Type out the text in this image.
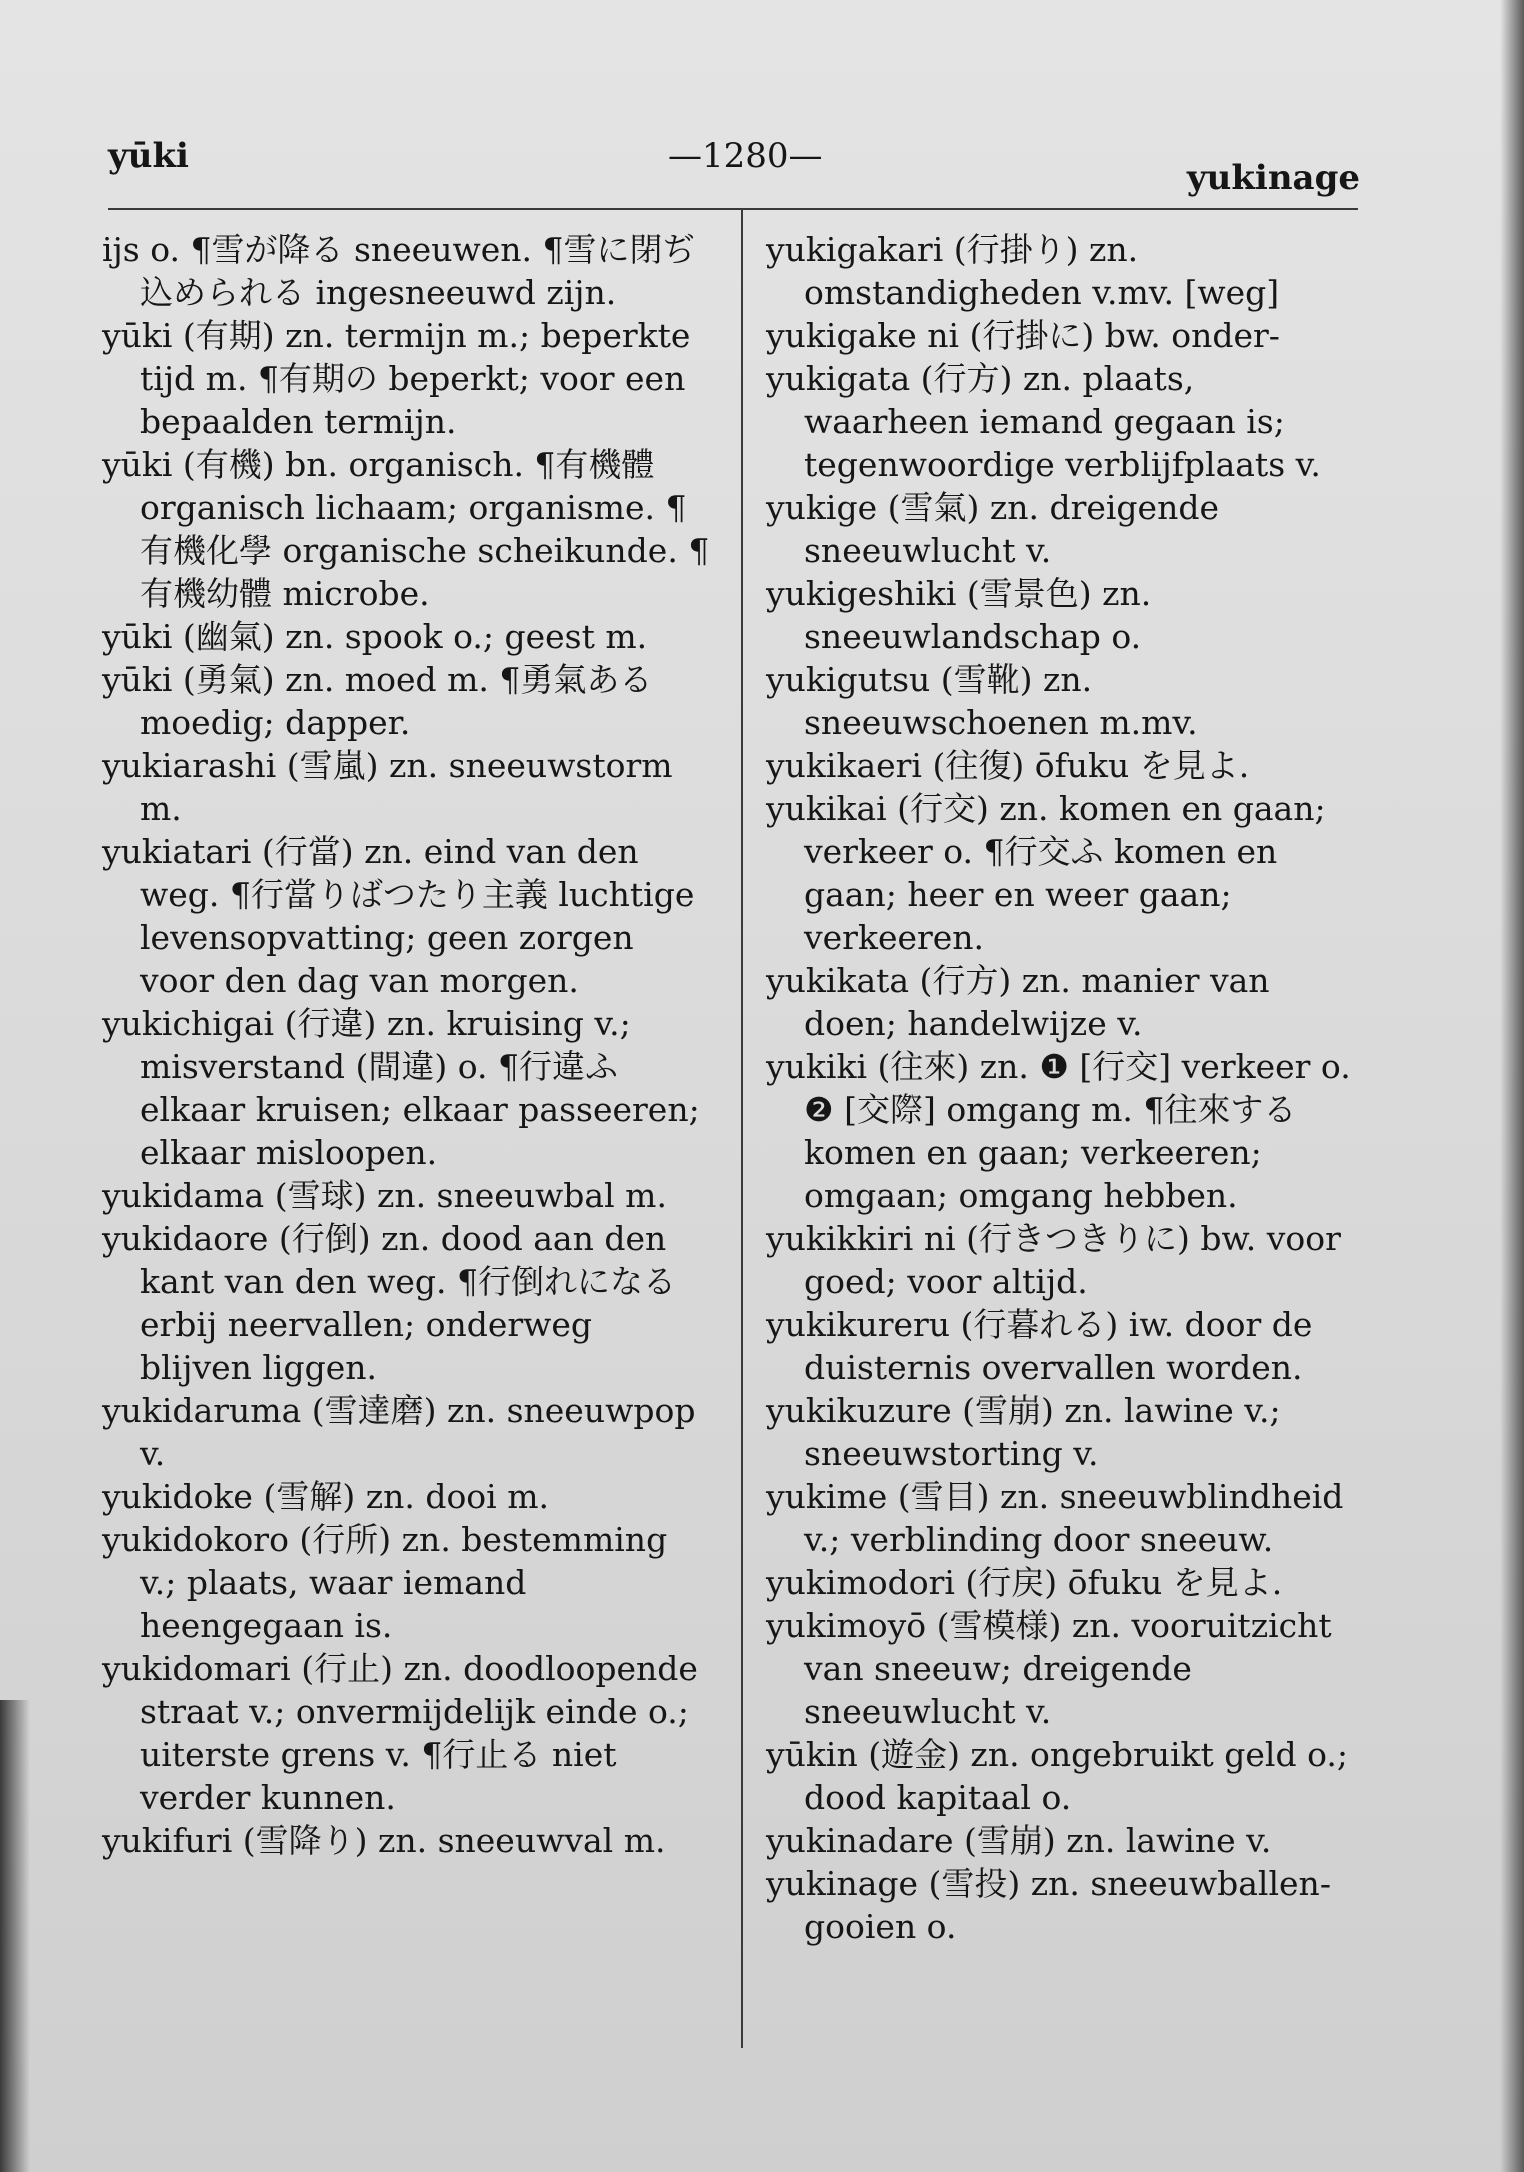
yūki	—1280—
yukinage
ijs o. ¶雪が降る sneeuwen. ¶雪に閉ぢ込められる ingesneeuwd zijn.
yūki (有期) zn. termijn m.; beperkte tijd m. ¶有期の beperkt; voor een bepaalden termijn.
yūki (有機) bn. organisch. ¶有機體 organisch lichaam; organisme. ¶有機化學 organische scheikunde. ¶有機幼體 microbe.
yūki (幽氣) zn. spook o.; geest m.
yūki (勇氣) zn. moed m. ¶勇氣ある moedig; dapper.
yukiarashi (雪嵐) zn. sneeuwstorm m.
yukiatari (行當) zn. eind van den weg. ¶行當りばつたり主義 luchtige levensopvatting; geen zorgen voor den dag van morgen.
yukichigai (行違) zn. kruising v.; misverstand (間違) o. ¶行違ふ elkaar kruisen; elkaar passeeren; elkaar misloopen.
yukidama (雪球) zn. sneeuwbal m.
yukidaore (行倒) zn. dood aan den kant van den weg. ¶行倒れになる erbij neervallen; onderweg blijven liggen.
yukidaruma (雪達磨) zn. sneeuwpop v.
yukidoke (雪解) zn. dooi m.
yukidokoro (行所) zn. bestemming v.; plaats, waar iemand heengegaan is.
yukidomari (行止) zn. doodloopende straat v.; onvermijdelijk einde o.; uiterste grens v. ¶行止る niet verder kunnen.
yukifuri (雪降り) zn. sneeuwval m.
yukigakari (行掛り) zn. omstandigheden v.mv. [weg]
yukigake ni (行掛に) bw. onder-
yukigata (行方) zn. plaats, waarheen iemand gegaan is; tegenwoordige verblijfplaats v.
yukige (雪氣) zn. dreigende sneeuwlucht v.
yukigeshiki (雪景色) zn. sneeuwlandschap o.
yukigutsu (雪靴) zn. sneeuwschoenen m.mv.
yukikaeri (往復) ōfuku を見よ.
yukikai (行交) zn. komen en gaan; verkeer o. ¶行交ふ komen en gaan; heer en weer gaan; verkeeren.
yukikata (行方) zn. manier van doen; handelwijze v.
yukiki (往來) zn. ❶ [行交] verkeer o. ❷ [交際] omgang m. ¶往來する komen en gaan; verkeeren; omgaan; omgang hebben.
yukikkiri ni (行きつきりに) bw. voor goed; voor altijd.
yukikureru (行暮れる) iw. door de duisternis overvallen worden.
yukikuzure (雪崩) zn. lawine v.; sneeuwstorting v.
yukime (雪目) zn. sneeuwblindheid v.; verblinding door sneeuw.
yukimodori (行戻) ōfuku を見よ.
yukimoyō (雪模様) zn. vooruitzicht van sneeuw; dreigende sneeuwlucht v.
yūkin (遊金) zn. ongebruikt geld o.; dood kapitaal o.
yukinadare (雪崩) zn. lawine v.
yukinage (雪投) zn. sneeuwballen-gooien o.
